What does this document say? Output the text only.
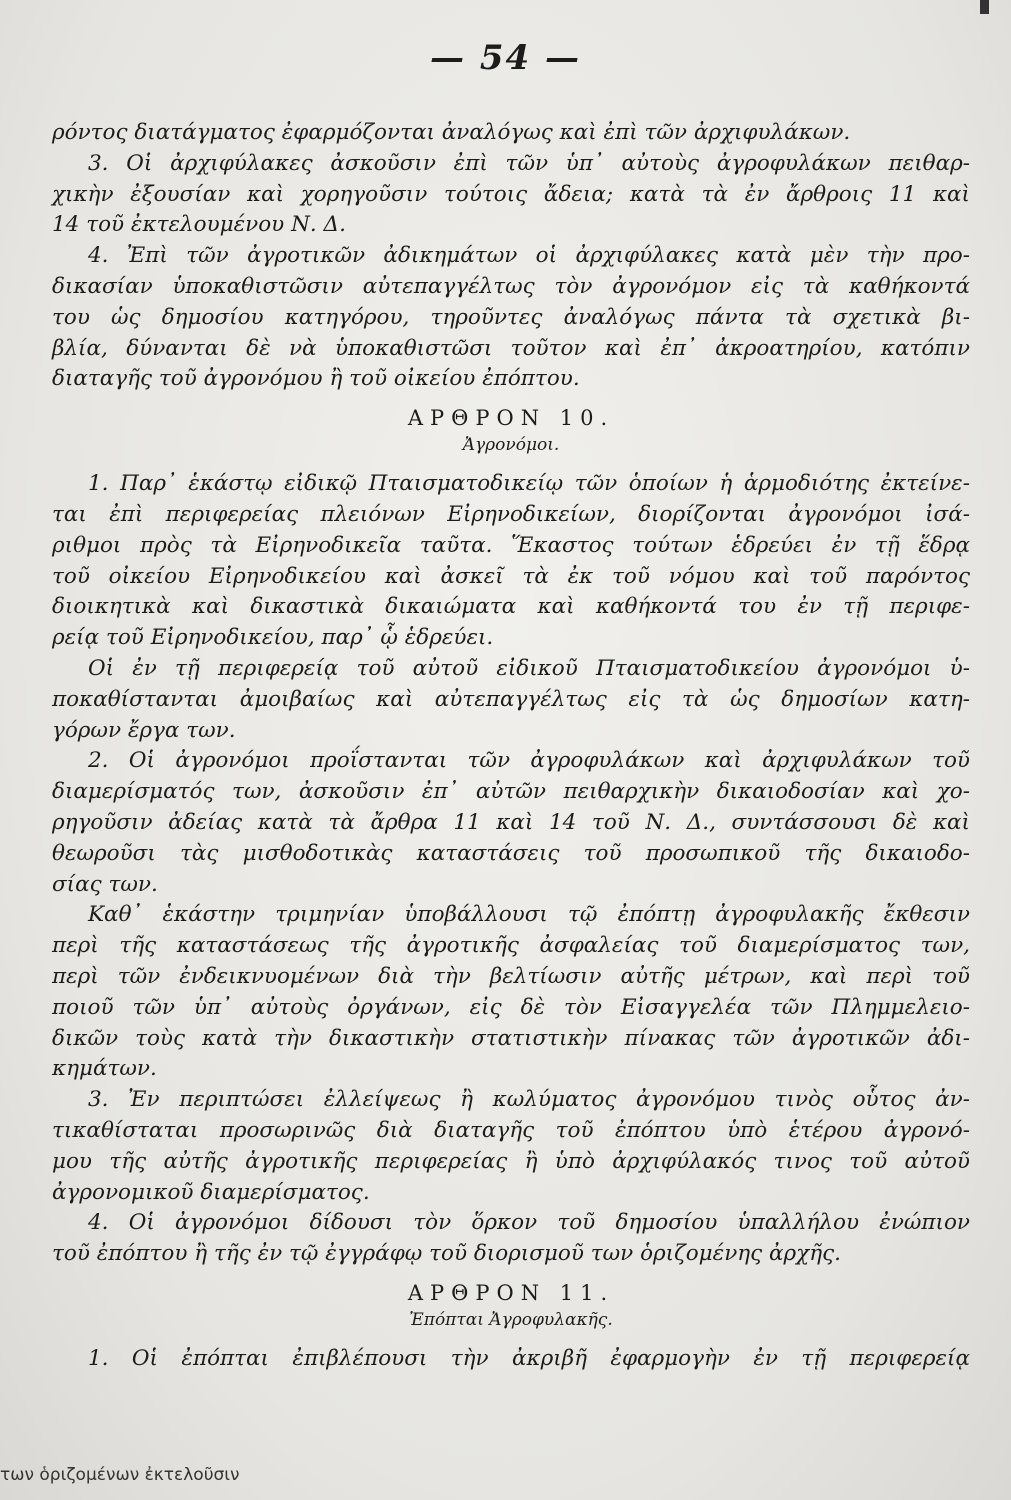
— 54 —
ρόντος διατάγματος ἐφαρμόζονται ἀναλόγως καὶ ἐπὶ τῶν ἀρχιφυλάκων.
3. Οἱ ἀρχιφύλακες ἀσκοῦσιν ἐπὶ τῶν ὑπ᾿ αὐτοὺς ἀγροφυλάκων πειθαρ-
χικὴν ἐξουσίαν καὶ χορηγοῦσιν τούτοις ἄδεια; κατὰ τὰ ἐν ἄρθροις 11 καὶ
14 τοῦ ἐκτελουμένου Ν. Δ.
4. Ἐπὶ τῶν ἀγροτικῶν ἀδικημάτων οἱ ἀρχιφύλακες κατὰ μὲν τὴν προ-
δικασίαν ὑποκαθιστῶσιν αὐτεπαγγέλτως τὸν ἀγρονόμον εἰς τὰ καθήκοντά
του ὡς δημοσίου κατηγόρου, τηροῦντες ἀναλόγως πάντα τὰ σχετικὰ βι-
βλία, δύνανται δὲ νὰ ὑποκαθιστῶσι τοῦτον καὶ ἐπ᾿ ἀκροατηρίου, κατόπιν
διαταγῆς τοῦ ἀγρονόμου ἢ τοῦ οἰκείου ἐπόπτου.
ΑΡΘΡΟΝ 10.
Ἀγρονόμοι.
1. Παρ᾿ ἑκάστῳ εἰδικῷ Πταισματοδικείῳ τῶν ὁποίων ἡ ἁρμοδιότης ἐκτείνε-
ται ἐπὶ περιφερείας πλειόνων Εἰρηνοδικείων, διορίζονται ἀγρονόμοι ἰσά-
ριθμοι πρὸς τὰ Εἰρηνοδικεῖα ταῦτα. Ἕκαστος τούτων ἑδρεύει ἐν τῇ ἕδρᾳ
τοῦ οἰκείου Εἰρηνοδικείου καὶ ἀσκεῖ τὰ ἐκ τοῦ νόμου καὶ τοῦ παρόντος
διοικητικὰ καὶ δικαστικὰ δικαιώματα καὶ καθήκοντά του ἐν τῇ περιφε-
ρείᾳ τοῦ Εἰρηνοδικείου, παρ᾿ ᾧ ἑδρεύει.
Οἱ ἐν τῇ περιφερείᾳ τοῦ αὐτοῦ εἰδικοῦ Πταισματοδικείου ἀγρονόμοι ὑ-
ποκαθίστανται ἀμοιβαίως καὶ αὐτεπαγγέλτως εἰς τὰ ὡς δημοσίων κατη-
γόρων ἔργα των.
2. Οἱ ἀγρονόμοι προΐστανται τῶν ἀγροφυλάκων καὶ ἀρχιφυλάκων τοῦ
διαμερίσματός των, ἀσκοῦσιν ἐπ᾿ αὐτῶν πειθαρχικὴν δικαιοδοσίαν καὶ χο-
ρηγοῦσιν ἀδείας κατὰ τὰ ἄρθρα 11 καὶ 14 τοῦ Ν. Δ., συντάσσουσι δὲ καὶ
θεωροῦσι τὰς μισθοδοτικὰς καταστάσεις τοῦ προσωπικοῦ τῆς δικαιοδο-
σίας των.
Καθ᾿ ἑκάστην τριμηνίαν ὑποβάλλουσι τῷ ἐπόπτῃ ἀγροφυλακῆς ἔκθεσιν
περὶ τῆς καταστάσεως τῆς ἀγροτικῆς ἀσφαλείας τοῦ διαμερίσματος των,
περὶ τῶν ἐνδεικνυομένων διὰ τὴν βελτίωσιν αὐτῆς μέτρων, καὶ περὶ τοῦ
ποιοῦ τῶν ὑπ᾿ αὐτοὺς ὀργάνων, εἰς δὲ τὸν Εἰσαγγελέα τῶν Πλημμελειο-
δικῶν τοὺς κατὰ τὴν δικαστικὴν στατιστικὴν πίνακας τῶν ἀγροτικῶν ἀδι-
κημάτων.
3. Ἐν περιπτώσει ἐλλείψεως ἢ κωλύματος ἀγρονόμου τινὸς οὗτος ἀν-
τικαθίσταται προσωρινῶς διὰ διαταγῆς τοῦ ἐπόπτου ὑπὸ ἑτέρου ἀγρονό-
μου τῆς αὐτῆς ἀγροτικῆς περιφερείας ἢ ὑπὸ ἀρχιφύλακός τινος τοῦ αὐτοῦ
ἀγρονομικοῦ διαμερίσματος.
4. Οἱ ἀγρονόμοι δίδουσι τὸν ὅρκον τοῦ δημοσίου ὑπαλλήλου ἐνώπιον
τοῦ ἐπόπτου ἢ τῆς ἐν τῷ ἐγγράφῳ τοῦ διορισμοῦ των ὁριζομένης ἀρχῆς.
ΑΡΘΡΟΝ 11.
Ἐπόπται Ἀγροφυλακῆς.
1. Οἱ ἐπόπται ἐπιβλέπουσι τὴν ἀκριβῆ ἐφαρμογὴν ἐν τῇ περιφερείᾳ
των ὁριζομένων ἐκτελοῦσιν
